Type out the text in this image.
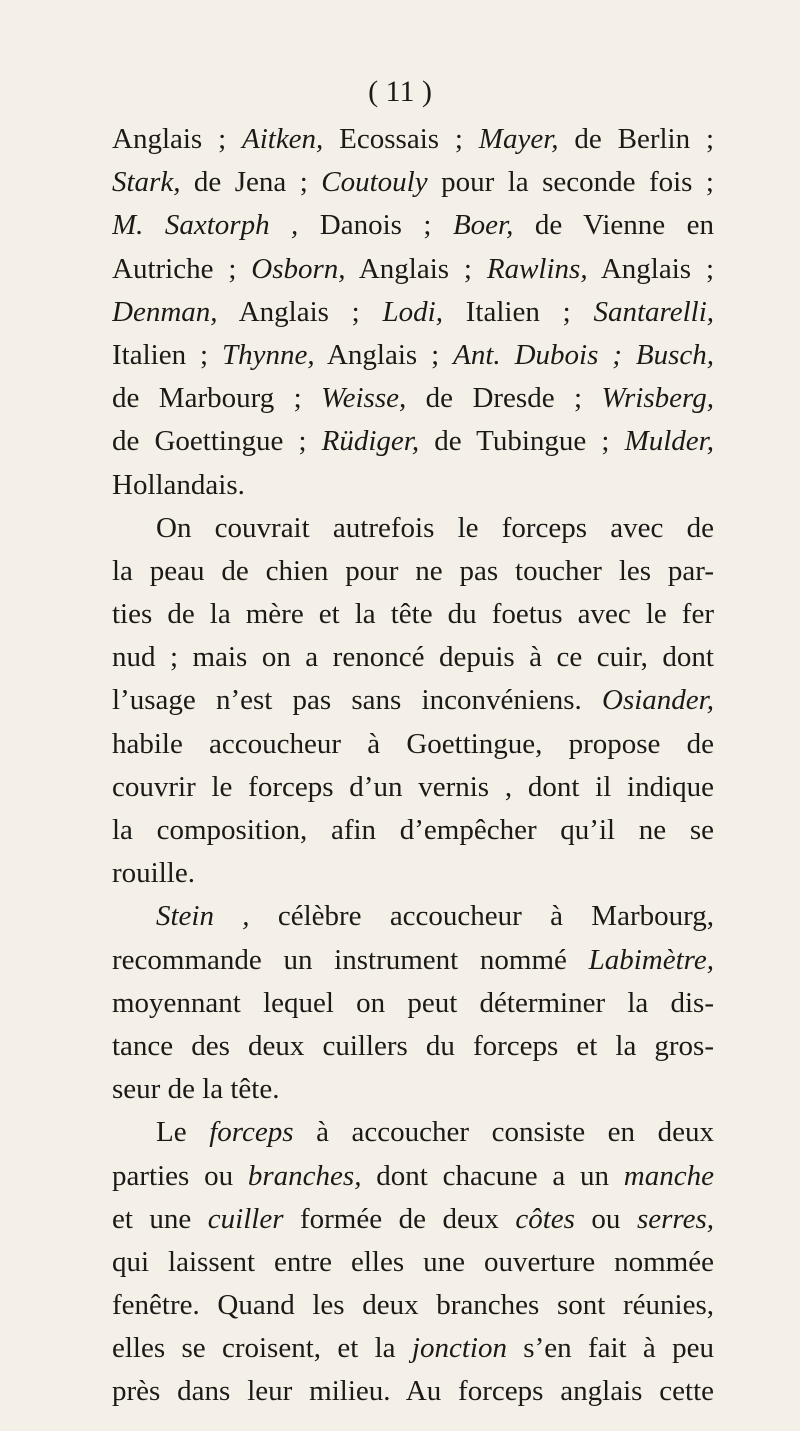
( 11 )
Anglais ; Aitken, Ecossais ; Mayer, de Berlin ;
Stark, de Jena ; Coutouly pour la seconde fois ;
M. Saxtorph , Danois ; Boer, de Vienne en
Autriche ; Osborn, Anglais ; Rawlins, Anglais ;
Denman, Anglais ; Lodi, Italien ; Santarelli,
Italien ; Thynne, Anglais ; Ant. Dubois ; Busch,
de Marbourg ; Weisse, de Dresde ; Wrisberg,
de Goettingue ; Rüdiger, de Tubingue ; Mulder,
Hollandais.
On couvrait autrefois le forceps avec de
la peau de chien pour ne pas toucher les par-
ties de la mère et la tête du foetus avec le fer
nud ; mais on a renoncé depuis à ce cuir, dont
l’usage n’est pas sans inconvéniens. Osiander,
habile accoucheur à Goettingue, propose de
couvrir le forceps d’un vernis , dont il indique
la composition, afin d’empêcher qu’il ne se
rouille.
Stein , célèbre accoucheur à Marbourg,
recommande un instrument nommé Labimètre,
moyennant lequel on peut déterminer la dis-
tance des deux cuillers du forceps et la gros-
seur de la tête.
Le forceps à accoucher consiste en deux
parties ou branches, dont chacune a un manche
et une cuiller formée de deux côtes ou serres,
qui laissent entre elles une ouverture nommée
fenêtre. Quand les deux branches sont réunies,
elles se croisent, et la jonction s’en fait à peu
près dans leur milieu. Au forceps anglais cette
